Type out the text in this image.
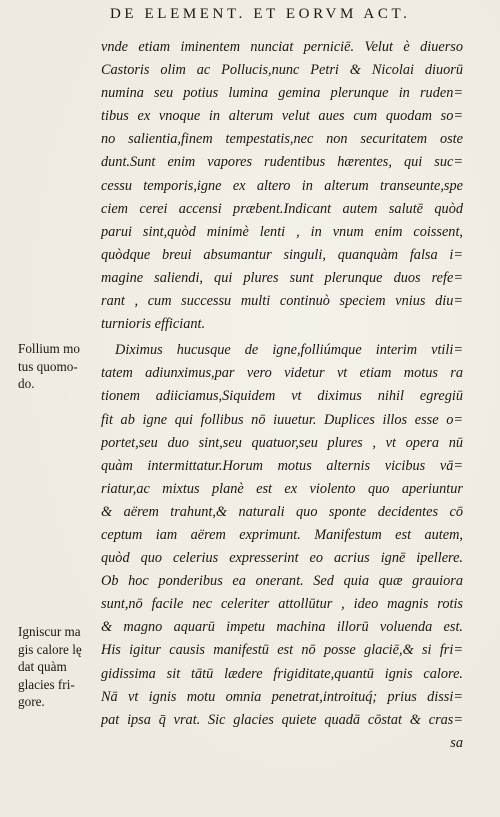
DE ELEMENT. ET EORVM ACT.
vnde etiam iminentem nunciat perniciē. Velut è diuerso
Castoris olim ac Pollucis,nunc Petri & Nicolai diuorū
numina seu potius lumina gemina plerunque in ruden=
tibus ex vnoque in alterum velut aues cum quodam so=
no salientia,finem tempestatis,nec non securitatem oste
dunt.Sunt enim vapores rudentibus hærentes, qui suc=
cessu temporis,igne ex altero in alterum transeunte,spe
ciem cerei accensi præbent.Indicant autem salutē quòd
parui sint,quòd minimè lenti , in vnum enim coissent,
quòdque breui absumantur singuli, quanquàm falsa i=
magine saliendi, qui plures sunt plerunque duos refe=
rant , cum successu multi continuò speciem vnius diu=
turnioris efficiant.
Diximus hucusque de igne,folliúmque interim vtili=
tatem adiunximus,par vero videtur vt etiam motus ra
tionem adiiciamus,Siquidem vt diximus nihil egregiū
fit ab igne qui follibus nō iuuetur. Duplices illos esse o=
portet,seu duo sint,seu quatuor,seu plures , vt opera nū
quàm intermittatur.Horum motus alternis vicibus vā=
riatur,ac mixtus planè est ex violento quo aperiuntur
& aërem trahunt,& naturali quo sponte decidentes cō
ceptum iam aërem exprimunt. Manifestum est autem,
quòd quo celerius expresserint eo acrius ignē ipellere.
Ob hoc ponderibus ea onerant. Sed quia quæ grauiora
sunt,nō facile nec celeriter attollūtur , ideo magnis rotis
& magno aquarū impetu machina illorū voluenda est.
His igitur causis manifestū est nō posse glaciē,& si fri=
gidissima sit tātū lædere frigiditate,quantū ignis calore.
Nā vt ignis motu omnia penetrat,introituq́; prius dissi=
pat ipsa q̄ vrat. Sic glacies quiete quadā cōstat & cras=
sa
Follium mo
tus quomo-
do.
Igniscur ma
gis calore lę
dat quàm
glacies fri-
gore.
